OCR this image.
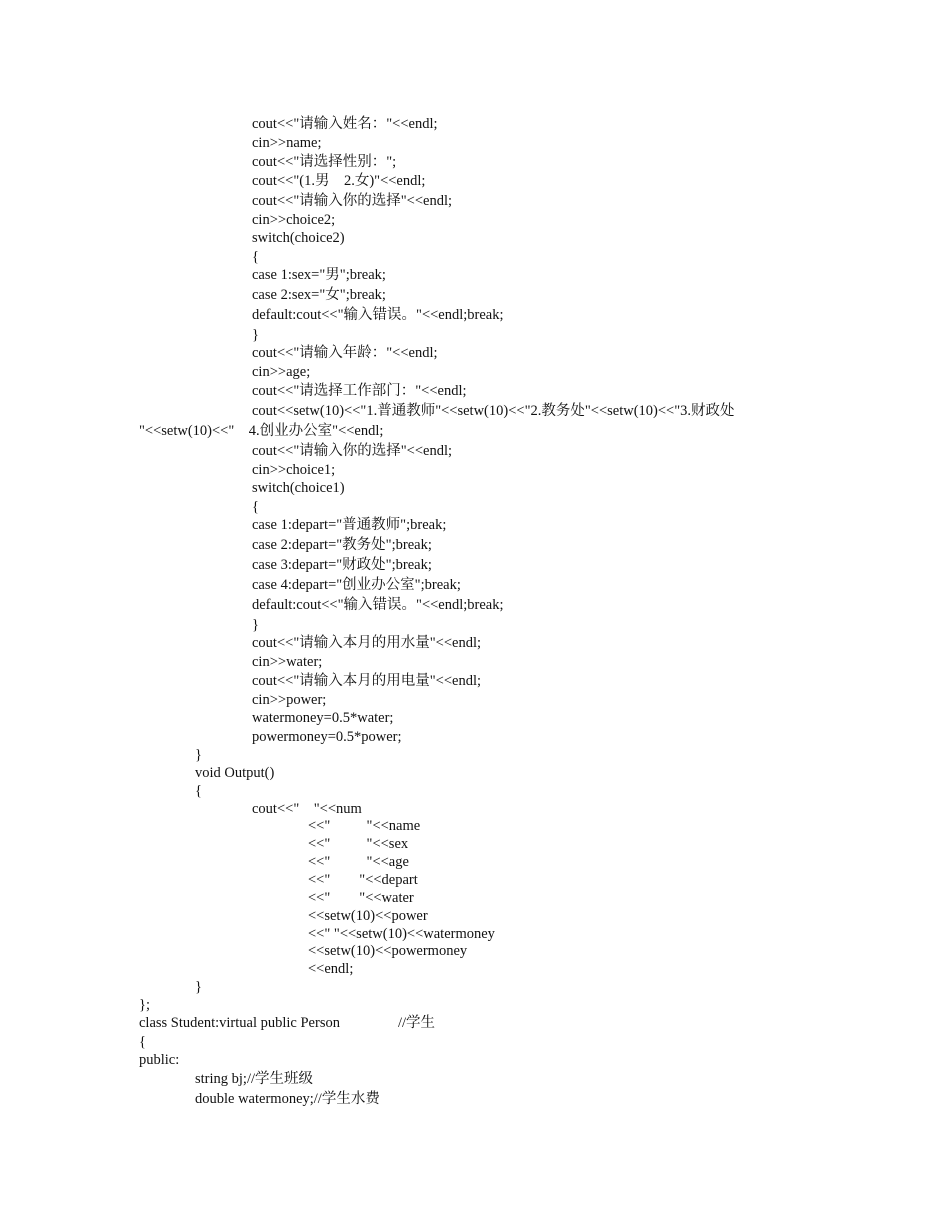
cout<<"请输入姓名："<<endl;
cin>>name;
cout<<"请选择性别：";
cout<<"(1.男    2.女)"<<endl;
cout<<"请输入你的选择"<<endl;
cin>>choice2;
switch(choice2)
{
case 1:sex="男";break;
case 2:sex="女";break;
default:cout<<"输入错误。"<<endl;break;
}
cout<<"请输入年龄："<<endl;
cin>>age;
cout<<"请选择工作部门："<<endl;
cout<<setw(10)<<"1.普通教师"<<setw(10)<<"2.教务处"<<setw(10)<<"3.财政处
"<<setw(10)<<"    4.创业办公室"<<endl;
cout<<"请输入你的选择"<<endl;
cin>>choice1;
switch(choice1)
{
case 1:depart="普通教师";break;
case 2:depart="教务处";break;
case 3:depart="财政处";break;
case 4:depart="创业办公室";break;
default:cout<<"输入错误。"<<endl;break;
}
cout<<"请输入本月的用水量"<<endl;
cin>>water;
cout<<"请输入本月的用电量"<<endl;
cin>>power;
watermoney=0.5*water;
powermoney=0.5*power;
}
void Output()
{
cout<<"    "<<num
<<"          "<<name
<<"          "<<sex
<<"          "<<age
<<"        "<<depart
<<"        "<<water
<<setw(10)<<power
<<" "<<setw(10)<<watermoney
<<setw(10)<<powermoney
<<endl;
}
};
class Student:virtual public Person                //学生
{
public:
string bj;//学生班级
double watermoney;//学生水费
